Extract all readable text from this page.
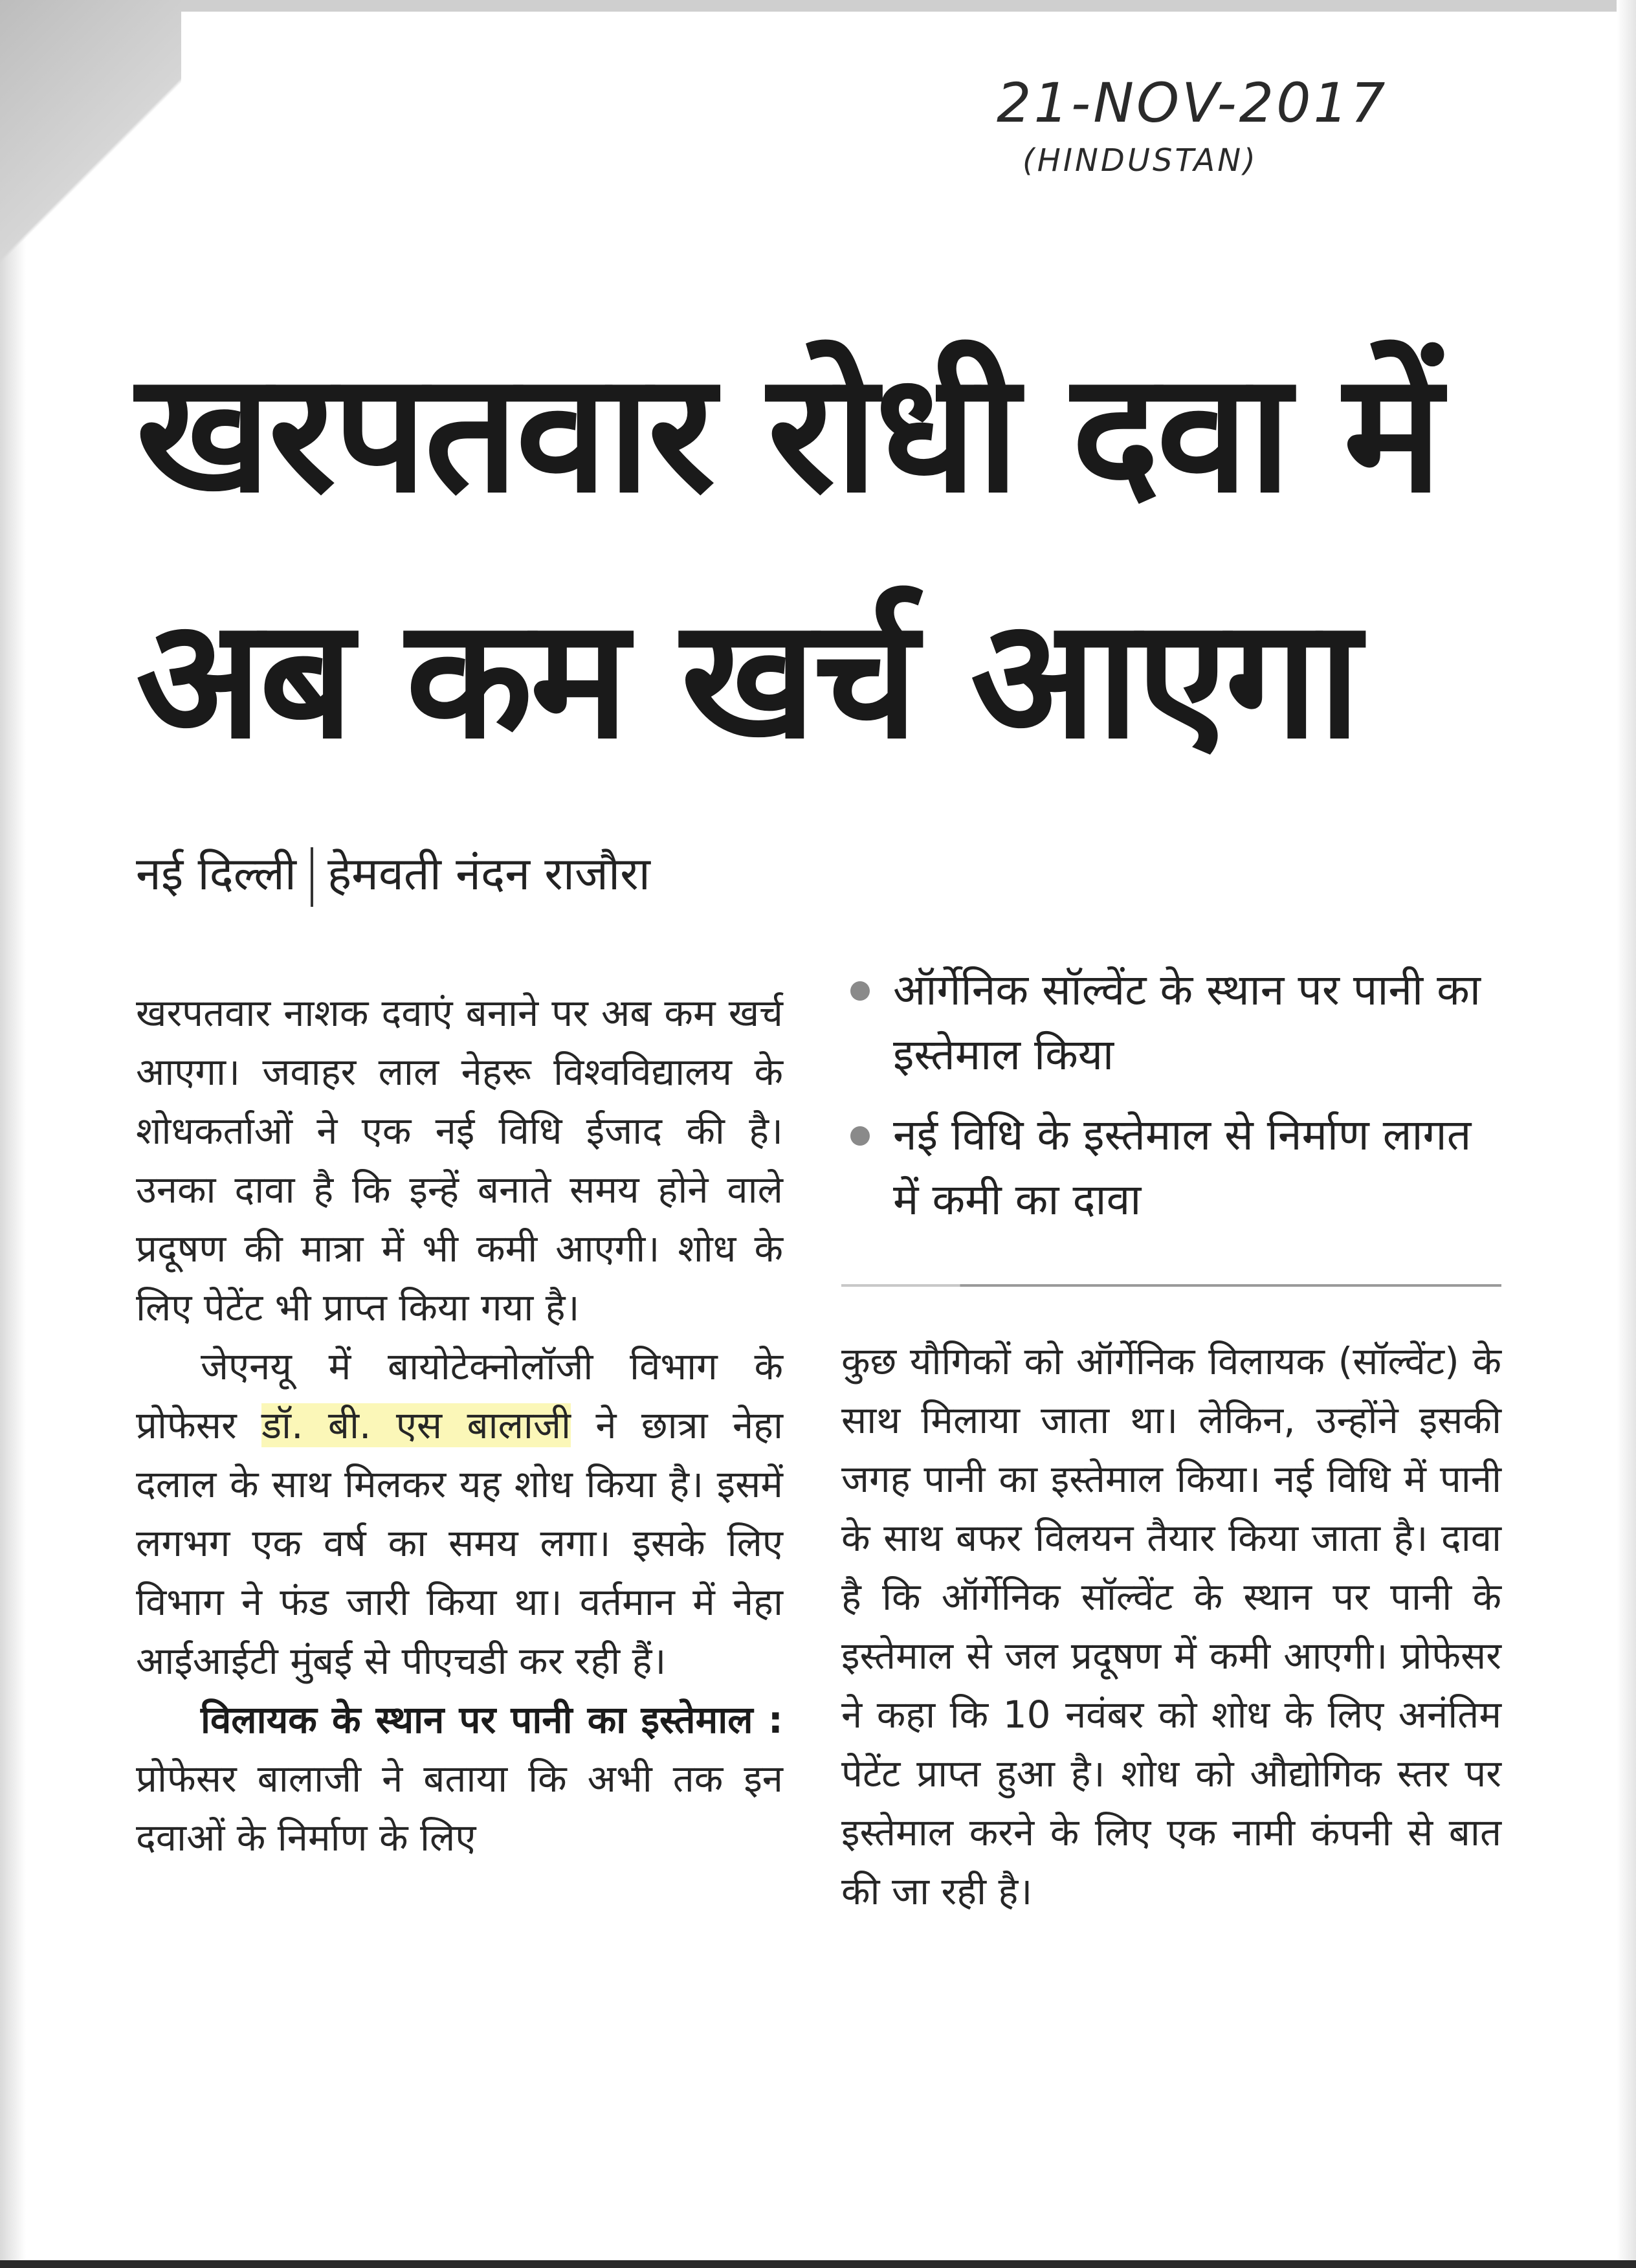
21-NOV-2017
(HINDUSTAN)
खरपतवार रोधी दवा में
अब कम खर्च आएगा
नई दिल्ली हेमवती नंदन राजौरा

खरपतवार नाशक दवाएं बनाने पर अब कम खर्च आएगा। जवाहर लाल नेहरू विश्वविद्यालय के शोधकर्ताओं ने एक नई विधि ईजाद की है। उनका दावा है कि इन्हें बनाते समय होने वाले प्रदूषण की मात्रा में भी कमी आएगी। शोध के लिए पेटेंट भी प्राप्त किया गया है।

जेएनयू में बायोटेक्नोलॉजी विभाग के प्रोफेसर डॉ. बी. एस बालाजी ने छात्रा नेहा दलाल के साथ मिलकर यह शोध किया है। इसमें लगभग एक वर्ष का समय लगा। इसके लिए विभाग ने फंड जारी किया था। वर्तमान में नेहा आईआईटी मुंबई से पीएचडी कर रही हैं।

विलायक के स्थान पर पानी का इस्तेमाल : प्रोफेसर बालाजी ने बताया कि अभी तक इन दवाओं के निर्माण के लिए

ऑर्गेनिक सॉल्वेंट के स्थान पर पानी का इस्तेमाल किया
नई विधि के इस्तेमाल से निर्माण लागत में कमी का दावा

कुछ यौगिकों को ऑर्गेनिक विलायक (सॉल्वेंट) के साथ मिलाया जाता था। लेकिन, उन्होंने इसकी जगह पानी का इस्तेमाल किया। नई विधि में पानी के साथ बफर विलयन तैयार किया जाता है। दावा है कि ऑर्गेनिक सॉल्वेंट के स्थान पर पानी के इस्तेमाल से जल प्रदूषण में कमी आएगी। प्रोफेसर ने कहा कि 10 नवंबर को शोध के लिए अनंतिम पेटेंट प्राप्त हुआ है। शोध को औद्योगिक स्तर पर इस्तेमाल करने के लिए एक नामी कंपनी से बात की जा रही है।
